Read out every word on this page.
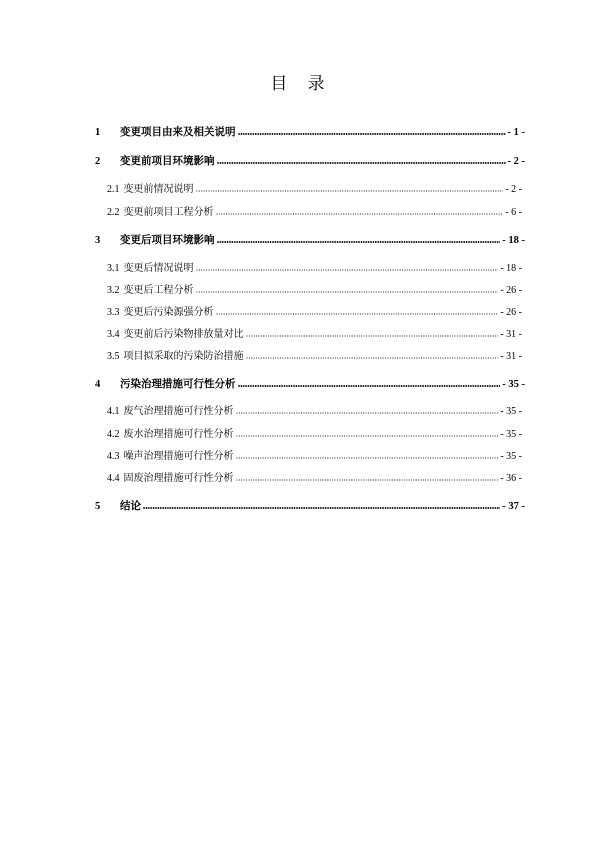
目 录
1	变更项目由来及相关说明	- 1 -
2	变更前项目环境影响	- 2 -
2.1 变更前情况说明	- 2 -
2.2 变更前项目工程分析	- 6 -
3	变更后项目环境影响	- 18 -
3.1 变更后情况说明	- 18 -
3.2 变更后工程分析	- 26 -
3.3 变更后污染源强分析	- 26 -
3.4 变更前后污染物排放量对比	- 31 -
3.5 项目拟采取的污染防治措施	- 31 -
4	污染治理措施可行性分析	- 35 -
4.1 废气治理措施可行性分析	- 35 -
4.2 废水治理措施可行性分析	- 35 -
4.3 噪声治理措施可行性分析	- 35 -
4.4 固废治理措施可行性分析	- 36 -
5	结论	- 37 -
